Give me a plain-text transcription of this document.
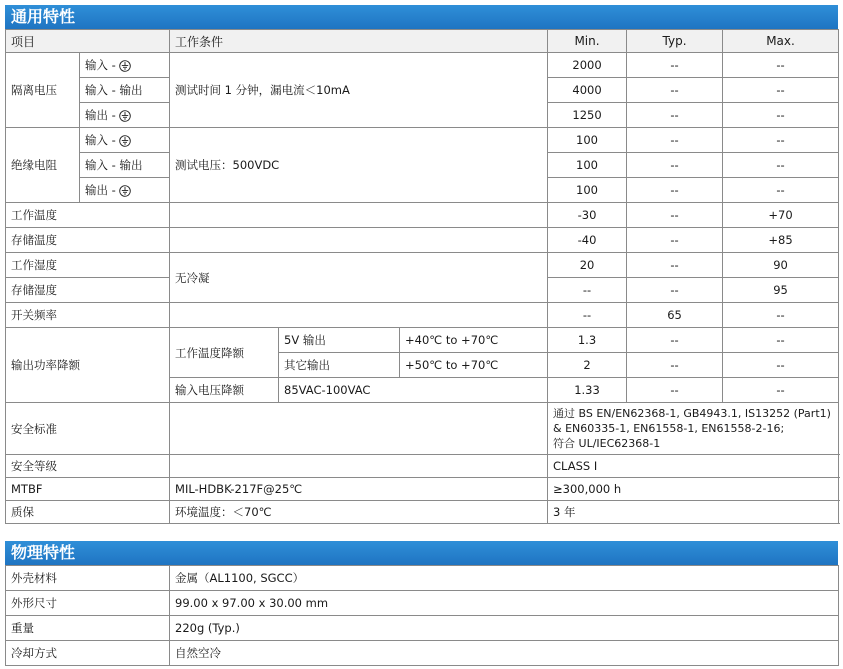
通用特性
项目		工作条件			Min.	Typ.	Max.	
隔离电压	输入 -	测试时间 1 分钟，漏电流＜10mA			2000	--	--	
	输入 - 输出				4000	--	--	
	输出 -				1250	--	--	
绝缘电阻	输入 -	测试电压：500VDC			100	--	--	
	输入 - 输出				100	--	--	
	输出 -				100	--	--	
工作温度					-30	--	+70	
存储温度					-40	--	+85	
工作湿度		无冷凝			20	--	90	
存储湿度					--	--	95	
开关频率					--	65	--	
输出功率降额		工作温度降额	5V 输出	+40℃ to +70℃	1.3	--	--	
			其它输出	+50℃ to +70℃	2	--	--	
		输入电压降额	85VAC-100VAC		1.33	--	--	
安全标准					通过 BS EN/EN62368-1, GB4943.1, IS13252 (Part1)
& EN60335-1, EN61558-1, EN61558-2-16;
符合 UL/IEC62368-1			

安全等级					CLASS I			
MTBF		MIL-HDBK-217F@25℃			≥300,000 h			
质保		环境温度：＜70℃			3 年			
物理特性
外壳材料	金属（AL1100, SGCC）
外形尺寸	99.00 x 97.00 x 30.00 mm
重量	220g (Typ.)
冷却方式	自然空冷
